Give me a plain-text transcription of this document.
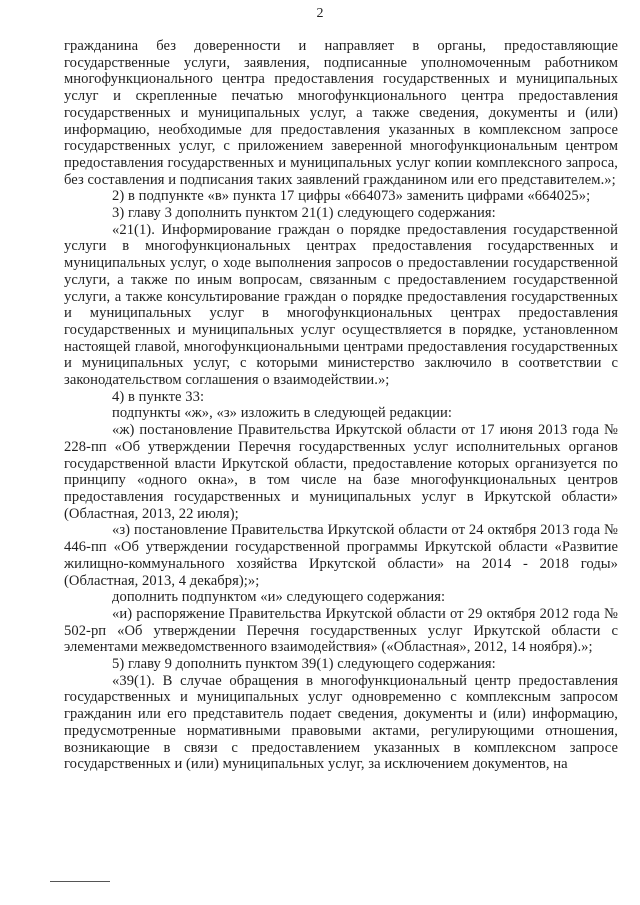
2

гражданина без доверенности и направляет в органы, предоставляющие государственные услуги, заявления, подписанные уполномоченным работником многофункционального центра предоставления государственных и муниципальных услуг и скрепленные печатью многофункционального центра предоставления государственных и муниципальных услуг, а также сведения, документы и (или) информацию, необходимые для предоставления указанных в комплексном запросе государственных услуг, с приложением заверенной многофункциональным центром предоставления государственных и муниципальных услуг копии комплексного запроса, без составления и подписания таких заявлений гражданином или его представителем.»;

2) в подпункте «в» пункта 17 цифры «664073» заменить цифрами «664025»;

3) главу 3 дополнить пунктом 21(1) следующего содержания:

«21(1). Информирование граждан о порядке предоставления государственной услуги в многофункциональных центрах предоставления государственных и муниципальных услуг, о ходе выполнения запросов о предоставлении государственной услуги, а также по иным вопросам, связанным с предоставлением государственной услуги, а также консультирование граждан о порядке предоставления государственных и муниципальных услуг в многофункциональных центрах предоставления государственных и муниципальных услуг осуществляется в порядке, установленном настоящей главой, многофункциональными центрами предоставления государственных и муниципальных услуг, с которыми министерство заключило в соответствии с законодательством соглашения о взаимодействии.»;

4) в пункте 33:

подпункты «ж», «з» изложить в следующей редакции:

«ж) постановление Правительства Иркутской области от 17 июня 2013 года № 228-пп «Об утверждении Перечня государственных услуг исполнительных органов государственной власти Иркутской области, предоставление которых организуется по принципу «одного окна», в том числе на базе многофункциональных центров предоставления государственных и муниципальных услуг в Иркутской области» (Областная, 2013, 22 июля);

«з) постановление Правительства Иркутской области от 24 октября 2013 года № 446-пп «Об утверждении государственной программы Иркутской области «Развитие жилищно-коммунального хозяйства Иркутской области» на 2014 - 2018 годы» (Областная, 2013, 4 декабря);»;

дополнить подпунктом «и» следующего содержания:

«и) распоряжение Правительства Иркутской области от 29 октября 2012 года № 502-рп «Об утверждении Перечня государственных услуг Иркутской области с элементами межведомственного взаимодействия» («Областная», 2012, 14 ноября).»;

5) главу 9 дополнить пунктом 39(1) следующего содержания:

«39(1). В случае обращения в многофункциональный центр предоставления государственных и муниципальных услуг одновременно с комплексным запросом гражданин или его представитель подает сведения, документы и (или) информацию, предусмотренные нормативными правовыми актами, регулирующими отношения, возникающие в связи с предоставлением указанных в комплексном запросе государственных и (или) муниципальных услуг, за исключением документов, на
